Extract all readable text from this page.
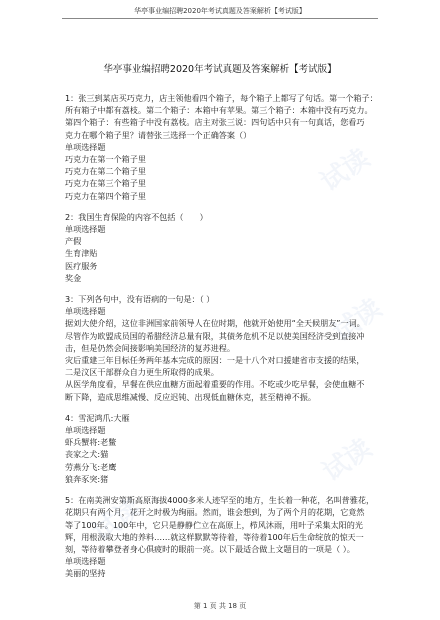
华亭事业编招聘2020年考试真题及答案解析【考试版】
华亭事业编招聘2020年考试真题及答案解析【考试版】

1：张三到某店买巧克力，店主领他看四个箱子，每个箱子上都写了句话。第一个箱子：

所有箱子中都有荔枝。第二个箱子：本箱中有苹果。第三个箱子：本箱中没有巧克力。

第四个箱子：有些箱子中没有荔枝。店主对张三说：四句话中只有一句真话，您看巧

克力在哪个箱子里？请替张三选择一个正确答案（）

单项选择题

巧克力在第一个箱子里

巧克力在第二个箱子里

巧克力在第三个箱子里

巧克力在第四个箱子里

2：我国生育保险的内容不包括（　　）

单项选择题

产假

生育津贴

医疗服务

奖金

3：下列各句中，没有语病的一句是：（ ）

单项选择题

据刘大使介绍，这位非洲国家前领导人在位时期，他就开始使用“全天候朋友”一词。

尽管作为欧盟成员国的希腊经济总量有限，其债务危机不足以使美国经济受到直接冲

击，但是仍然会间接影响美国经济的复苏进程。

灾后重建三年目标任务两年基本完成的原因：一是十八个对口援建省市支援的结果，

二是汶区干部群众自力更生所取得的成果。

从医学角度看，早餐在供应血糖方面起着重要的作用。不吃或少吃早餐，会使血糖不

断下降，造成思维减慢、反应迟钝、出现低血糖休克，甚至精神不振。

4：雪泥鸿爪:大雁

单项选择题

虾兵蟹将:老鳖

丧家之犬:猫

劳燕分飞:老鹰

狼奔豕突:猪

5：在南美洲安第斯高原海拔4000多米人迹罕至的地方，生长着一种花，名叫普雅花，

花期只有两个月，花开之时极为绚丽。然而，谁会想到，为了两个月的花期，它竟然

等了100年。100年中，它只是静静伫立在高原上，栉风沐雨，用叶子采集太阳的光

辉，用根汲取大地的养料……就这样默默等待着，等待着100年后生命绽放的惊天一

刻，等待着攀登者身心俱疲时的眼前一亮。以下最适合做上文题目的一项是（ ）。

单项选择题

美丽的坚持

第 1 页 共 18 页
试读
试读
试读
试读
